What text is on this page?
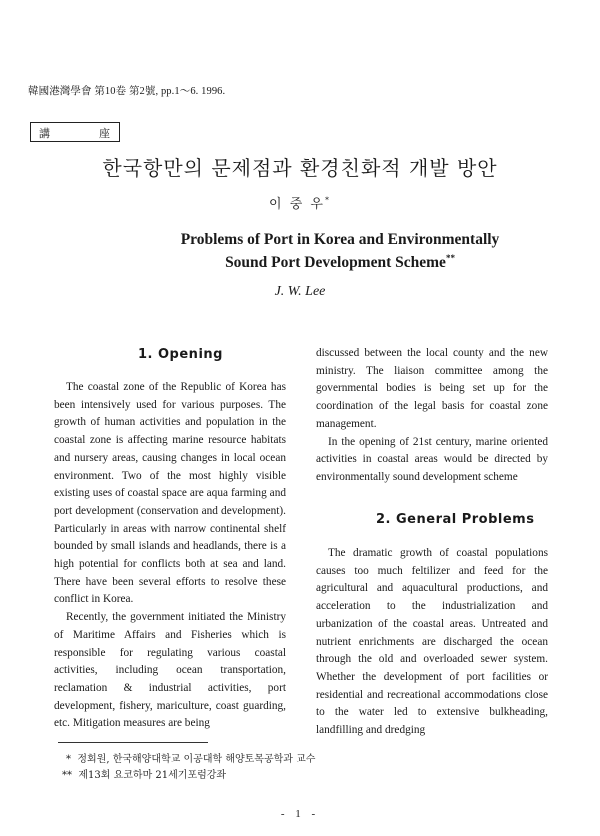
韓國港灣學會 第10卷 第2號, pp.1～6. 1996.
講	座
한국항만의 문제점과 환경친화적 개발 방안
이 중 우*
Problems of Port in Korea and Environmentally
Sound Port Development Scheme**
J. W. Lee
1. Opening

The coastal zone of the Republic of Korea has been intensively used for various purposes. The growth of human activities and population in the coastal zone is affecting marine resource habitats and nursery areas, causing changes in local ocean environment. Two of the most highly visible existing uses of coastal space are aqua farming and port development (conservation and development). Particularly in areas with narrow continental shelf bounded by small islands and headlands, there is a high potential for conflicts both at sea and land. There have been several efforts to resolve these conflict in Korea.

Recently, the government initiated the Ministry of Maritime Affairs and Fisheries which is responsible for regulating various coastal activities, including ocean transportation, reclamation & industrial activities, port development, fishery, mariculture, coast guarding, etc. Mitigation measures are being

discussed between the local county and the new ministry. The liaison committee among the governmental bodies is being set up for the coordination of the legal basis for coastal zone management.

In the opening of 21st century, marine oriented activities in coastal areas would be directed by environmentally sound development scheme

2. General Problems

The dramatic growth of coastal populations causes too much feltilizer and feed for the agricultural and aquacultural productions, and acceleration to the industrialization and urbanization of the coastal areas. Untreated and nutrient enrichments are discharged the ocean through the old and overloaded sewer system. Whether the development of port facilities or residential and recreational accommodations close to the water led to extensive bulkheading, landfilling and dredging

* 정회원, 한국해양대학교 이공대학 해양토목공학과 교수
** 제13회 요코하마 21세기포럼강좌
- 1 -
